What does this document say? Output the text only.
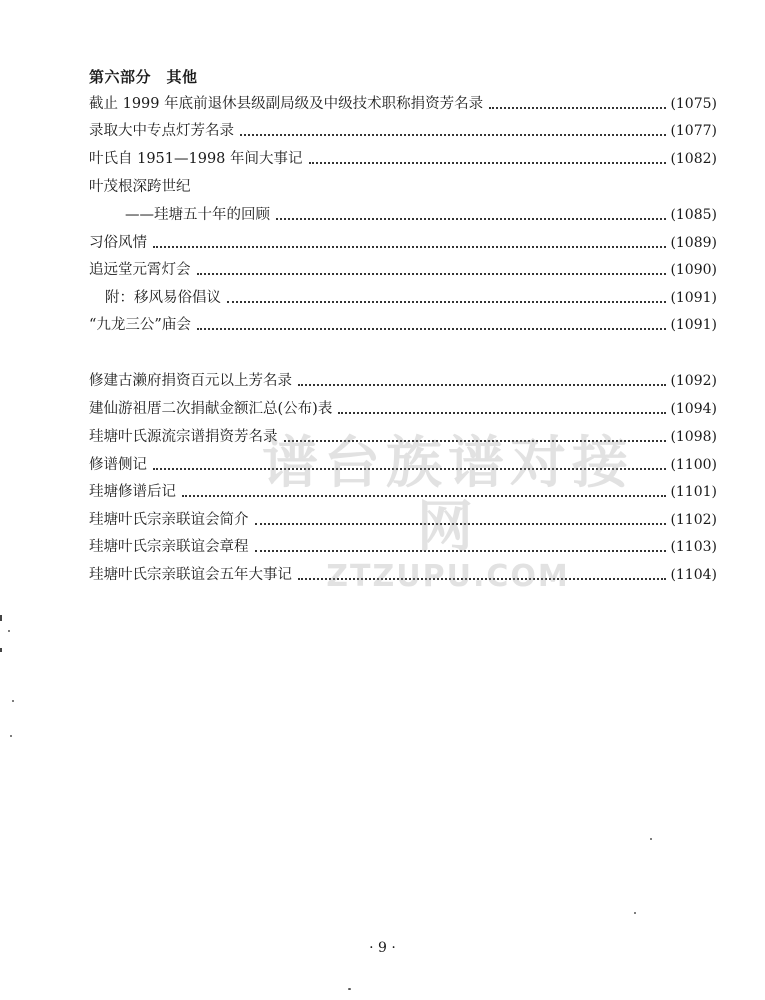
第六部分　其他
截止 1999 年底前退休县级副局级及中级技术职称捐资芳名录	(1075)
录取大中专点灯芳名录	(1077)
叶氏自 1951—1998 年间大事记	(1082)
叶茂根深跨世纪
——珪塘五十年的回顾	(1085)
习俗风情	(1089)
追远堂元霄灯会	(1090)
附：移风易俗倡议	(1091)
“九龙三公”庙会	(1091)
修建古濑府捐资百元以上芳名录	(1092)
建仙游祖厝二次捐献金额汇总(公布)表	(1094)
珪塘叶氏源流宗谱捐资芳名录	(1098)
修谱侧记	(1100)
珪塘修谱后记	(1101)
珪塘叶氏宗亲联谊会简介	(1102)
珪塘叶氏宗亲联谊会章程	(1103)
珪塘叶氏宗亲联谊会五年大事记	(1104)
谱台族谱对接网
ZTZUPU.COM
· 9 ·
